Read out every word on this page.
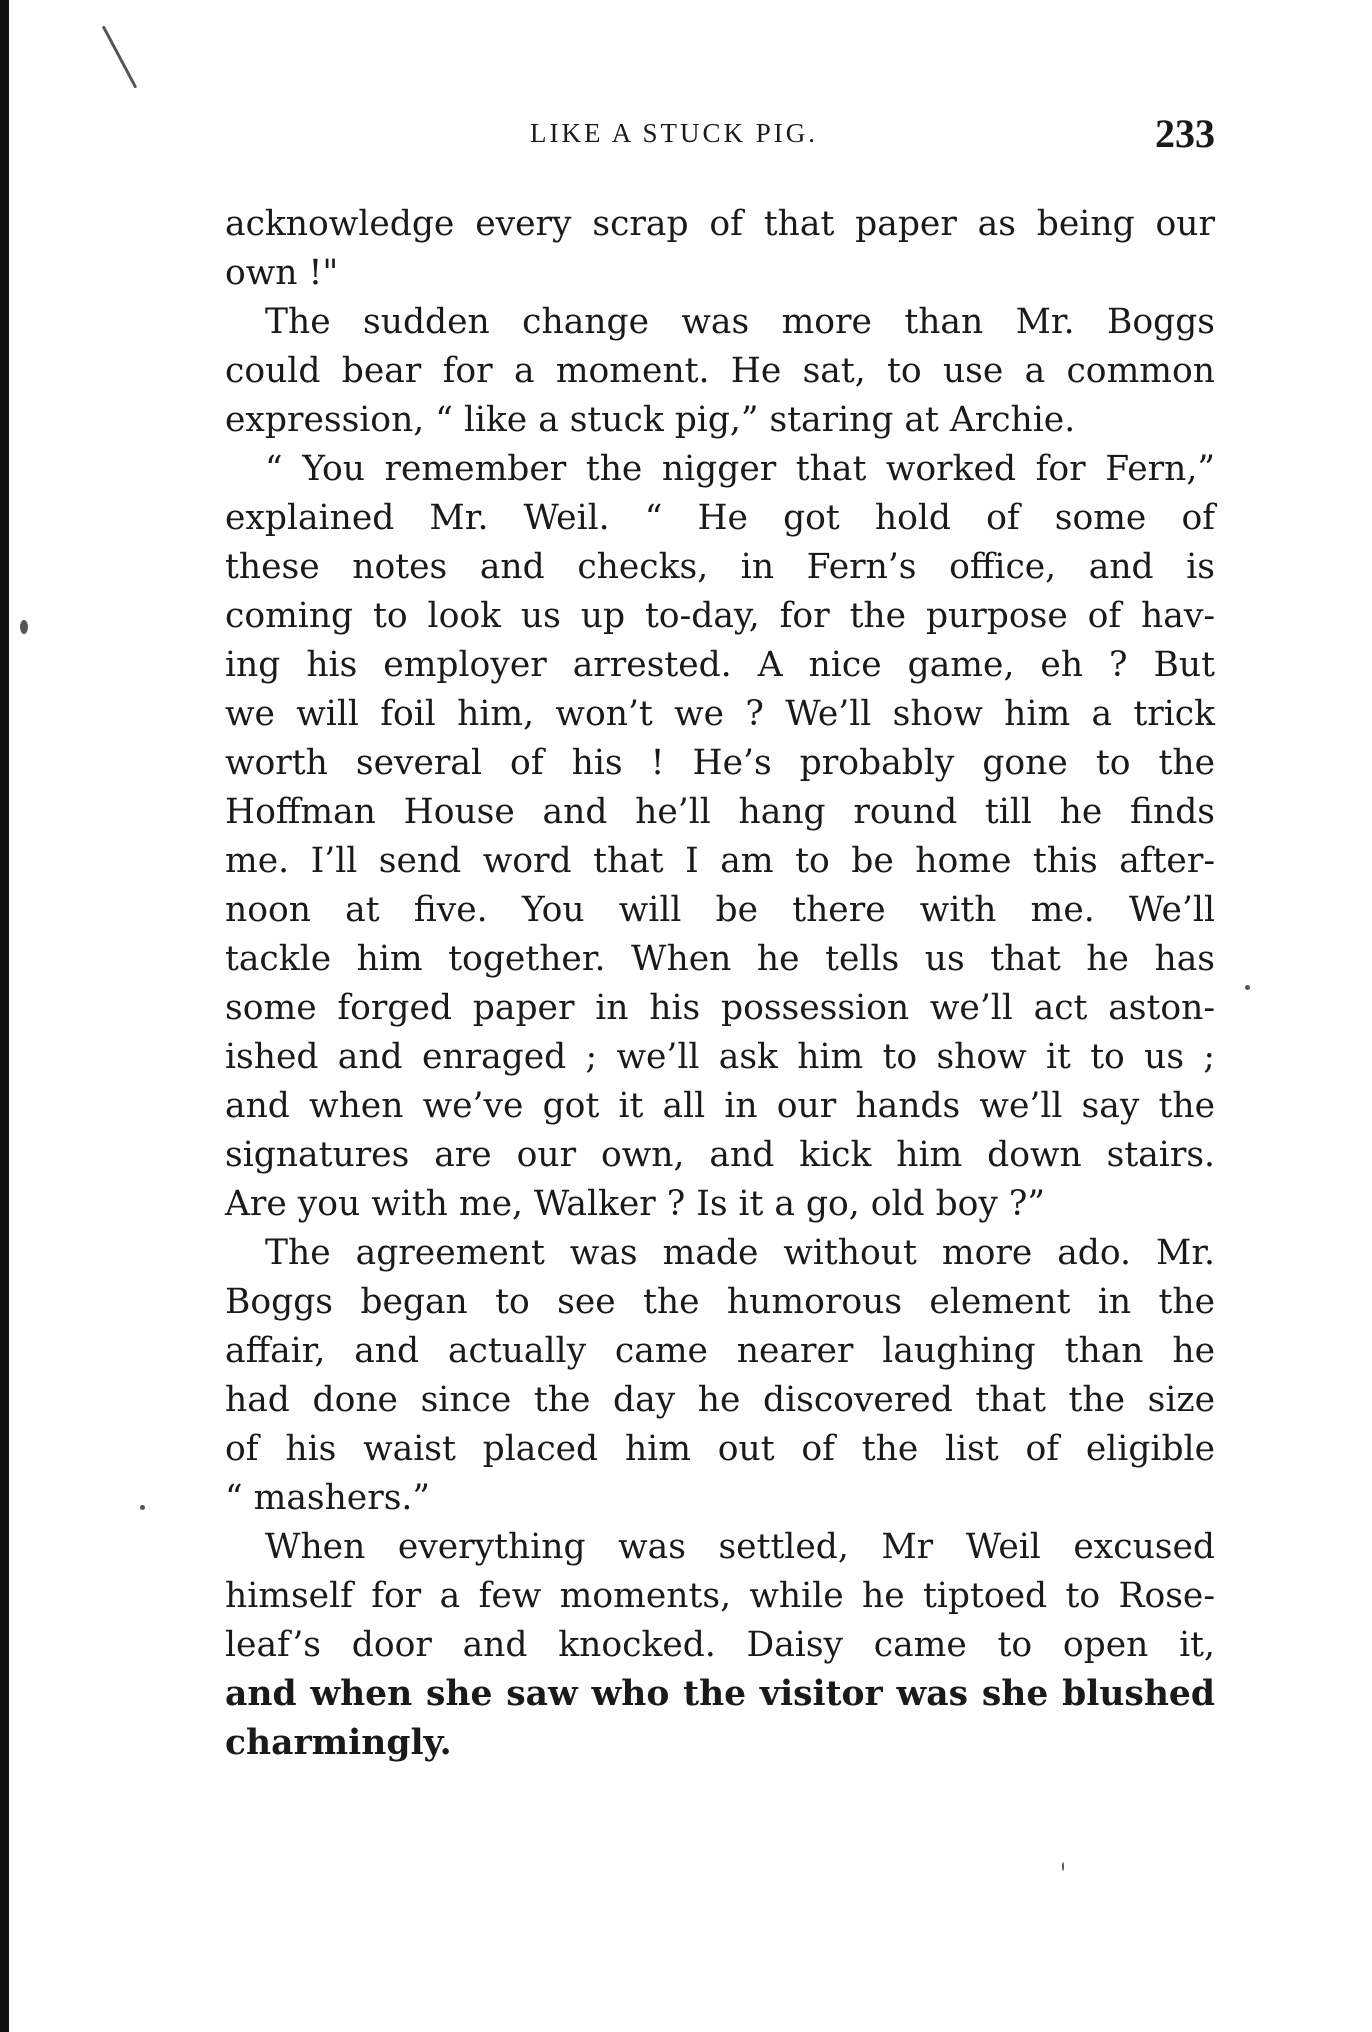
LIKE A STUCK PIG.	233
acknowledge every scrap of that paper as being our
own !"
The sudden change was more than Mr. Boggs
could bear for a moment. He sat, to use a common
expression, “ like a stuck pig,” staring at Archie.
“ You remember the nigger that worked for Fern,”
explained Mr. Weil. “ He got hold of some of
these notes and checks, in Fern’s office, and is
coming to look us up to-day, for the purpose of hav-
ing his employer arrested. A nice game, eh ? But
we will foil him, won’t we ? We’ll show him a trick
worth several of his ! He’s probably gone to the
Hoffman House and he’ll hang round till he finds
me. I’ll send word that I am to be home this after-
noon at five. You will be there with me. We’ll
tackle him together. When he tells us that he has
some forged paper in his possession we’ll act aston-
ished and enraged ; we’ll ask him to show it to us ;
and when we’ve got it all in our hands we’ll say the
signatures are our own, and kick him down stairs.
Are you with me, Walker ? Is it a go, old boy ?”
The agreement was made without more ado. Mr.
Boggs began to see the humorous element in the
affair, and actually came nearer laughing than he
had done since the day he discovered that the size
of his waist placed him out of the list of eligible
“ mashers.”
When everything was settled, Mr Weil excused
himself for a few moments, while he tiptoed to Rose-
leaf’s door and knocked. Daisy came to open it,
and when she saw who the visitor was she blushed
charmingly.
